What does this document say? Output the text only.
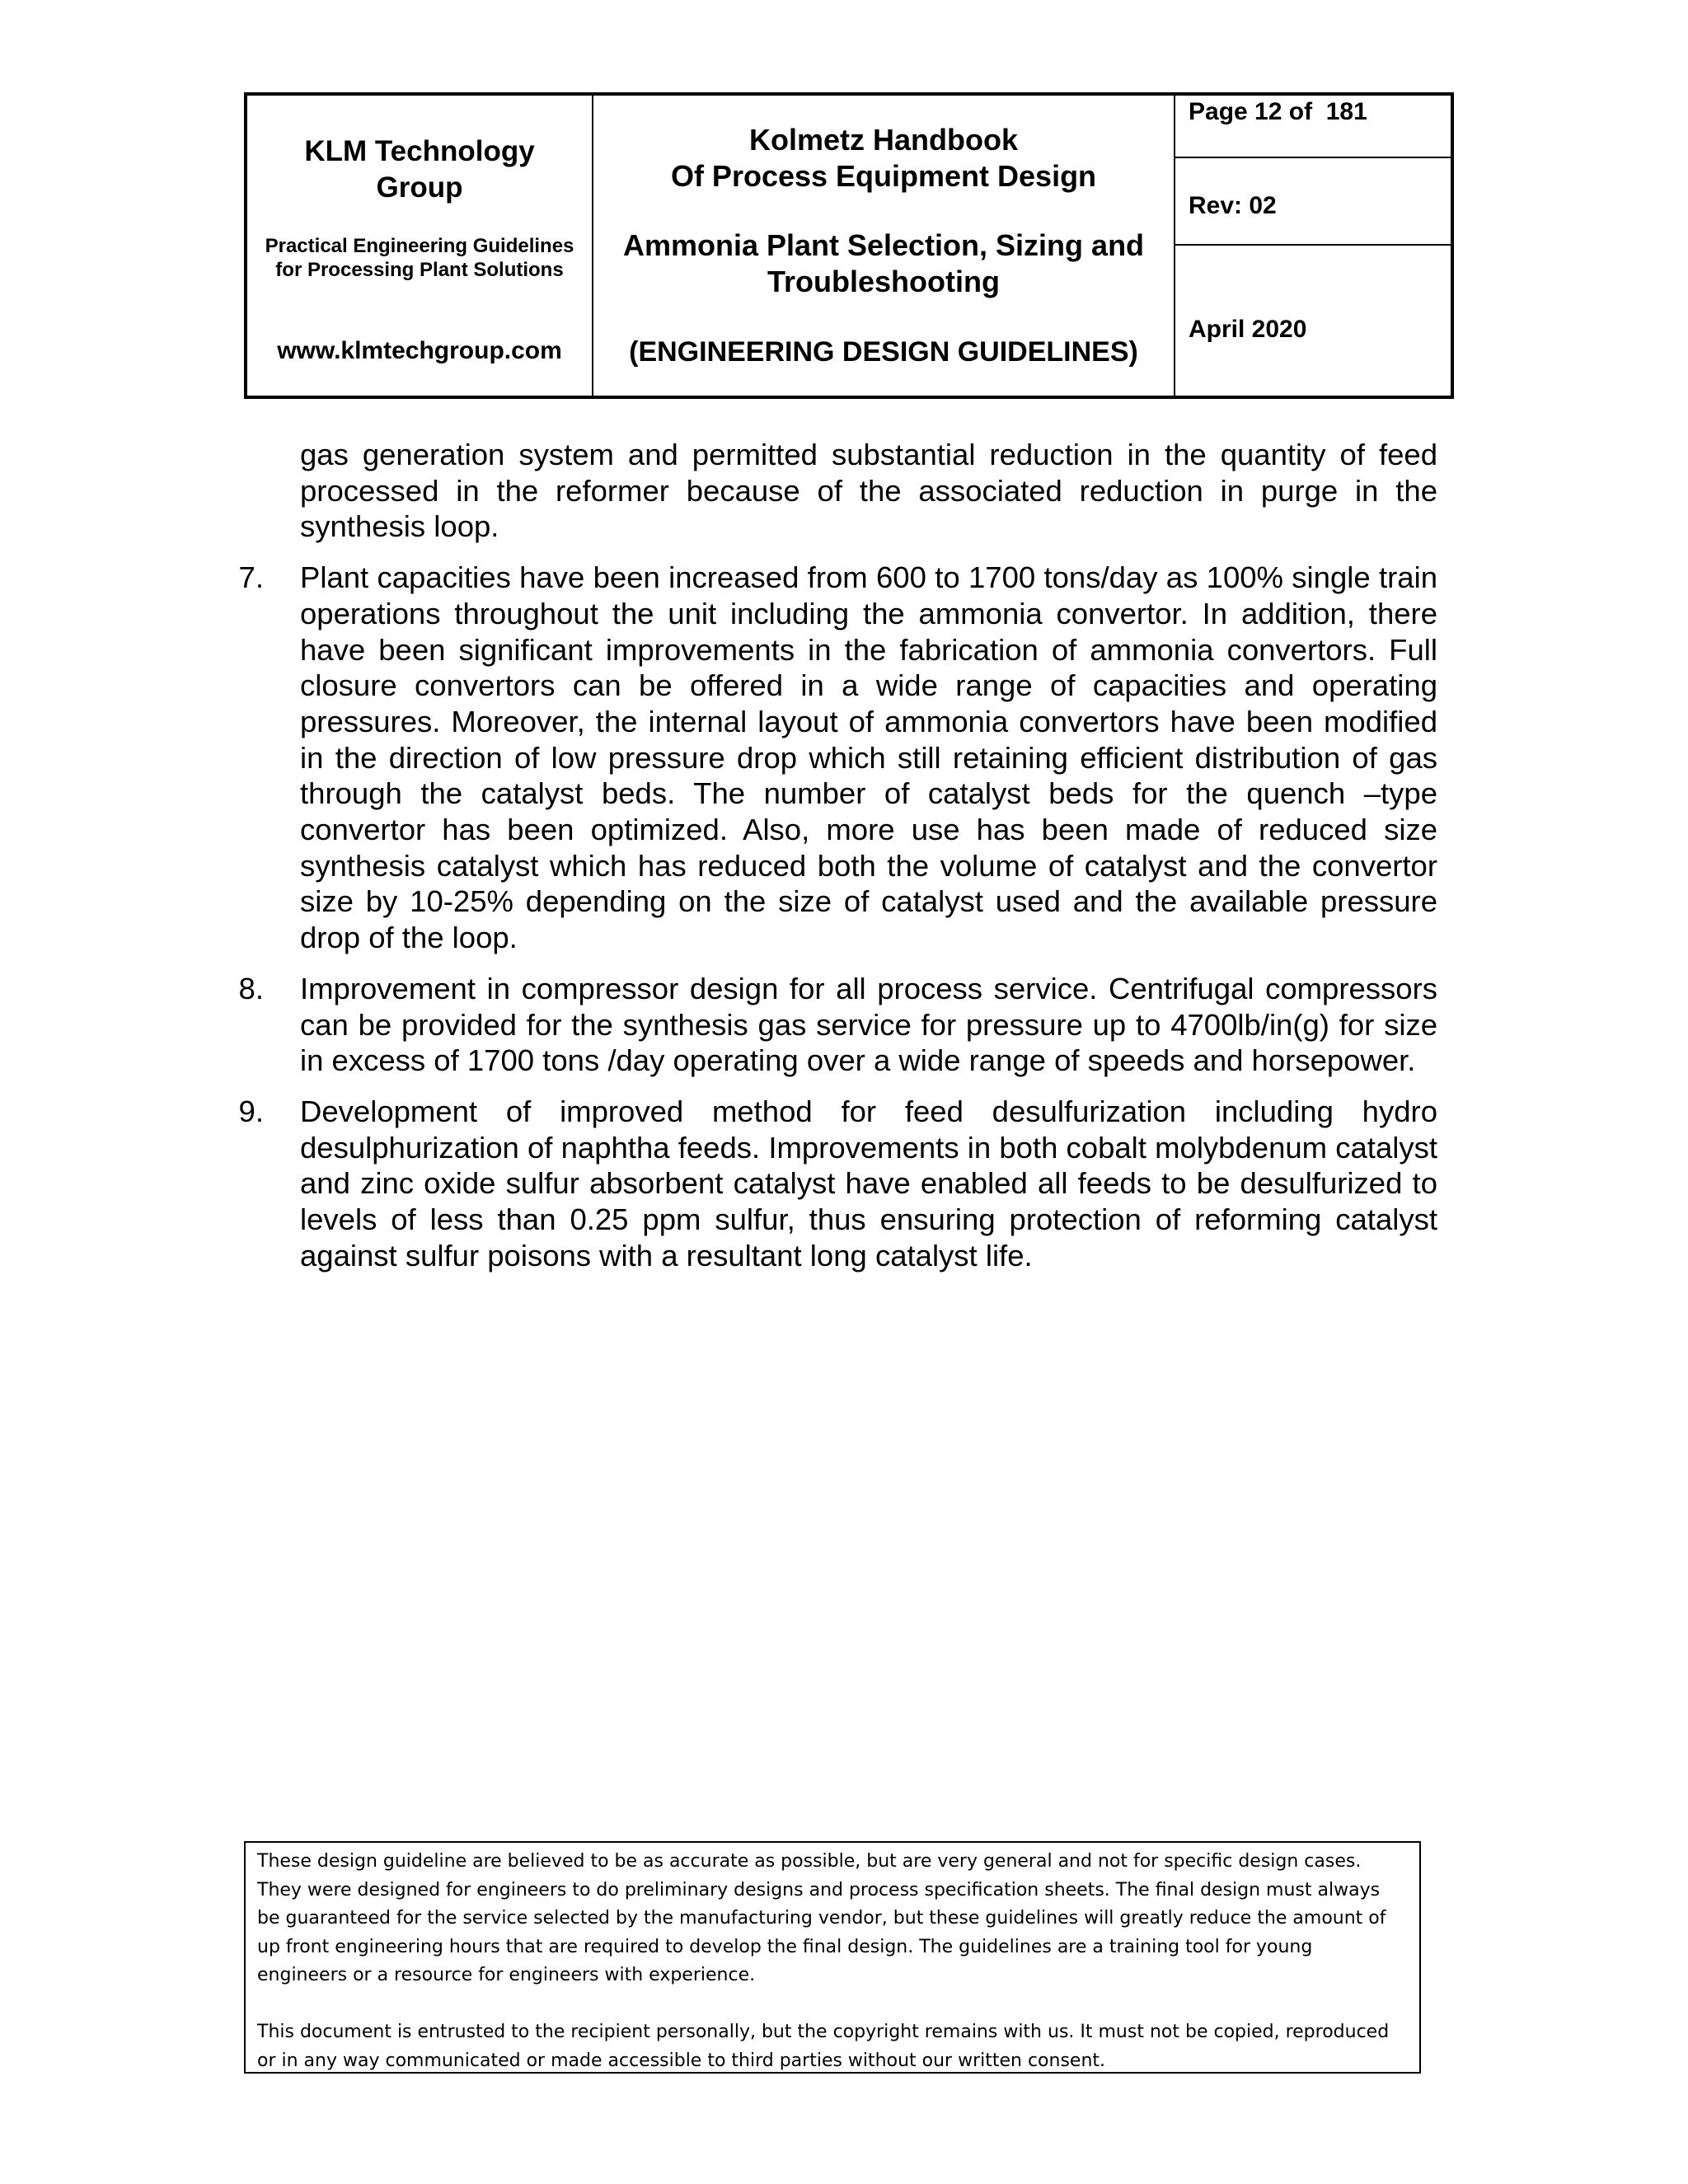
KLM Technology Group
Practical Engineering Guidelines for Processing Plant Solutions
www.klmtechgroup.com
Kolmetz Handbook
Of Process Equipment Design
Ammonia Plant Selection, Sizing and Troubleshooting
(ENGINEERING DESIGN GUIDELINES)
Page 12 of  181
Rev: 02
April 2020

gas generation system and permitted substantial reduction in the quantity of feed processed in the reformer because of the associated reduction in purge in the synthesis loop.

7. Plant capacities have been increased from 600 to 1700 tons/day as 100% single train operations throughout the unit including the ammonia convertor. In addition, there have been significant improvements in the fabrication of ammonia convertors. Full closure convertors can be offered in a wide range of capacities and operating pressures. Moreover, the internal layout of ammonia convertors have been modified in the direction of low pressure drop which still retaining efficient distribution of gas through the catalyst beds. The number of catalyst beds for the quench –type convertor has been optimized. Also, more use has been made of reduced size synthesis catalyst which has reduced both the volume of catalyst and the convertor size by 10-25% depending on the size of catalyst used and the available pressure drop of the loop.

8. Improvement in compressor design for all process service. Centrifugal compressors can be provided for the synthesis gas service for pressure up to 4700lb/in(g) for size in excess of 1700 tons /day operating over a wide range of speeds and horsepower.

9. Development of improved method for feed desulfurization including hydro desulphurization of naphtha feeds. Improvements in both cobalt molybdenum catalyst and zinc oxide sulfur absorbent catalyst have enabled all feeds to be desulfurized to levels of less than 0.25 ppm sulfur, thus ensuring protection of reforming catalyst against sulfur poisons with a resultant long catalyst life.

These design guideline are believed to be as accurate as possible, but are very general and not for specific design cases. They were designed for engineers to do preliminary designs and process specification sheets. The final design must always be guaranteed for the service selected by the manufacturing vendor, but these guidelines will greatly reduce the amount of up front engineering hours that are required to develop the final design. The guidelines are a training tool for young engineers or a resource for engineers with experience.

This document is entrusted to the recipient personally, but the copyright remains with us. It must not be copied, reproduced or in any way communicated or made accessible to third parties without our written consent.
